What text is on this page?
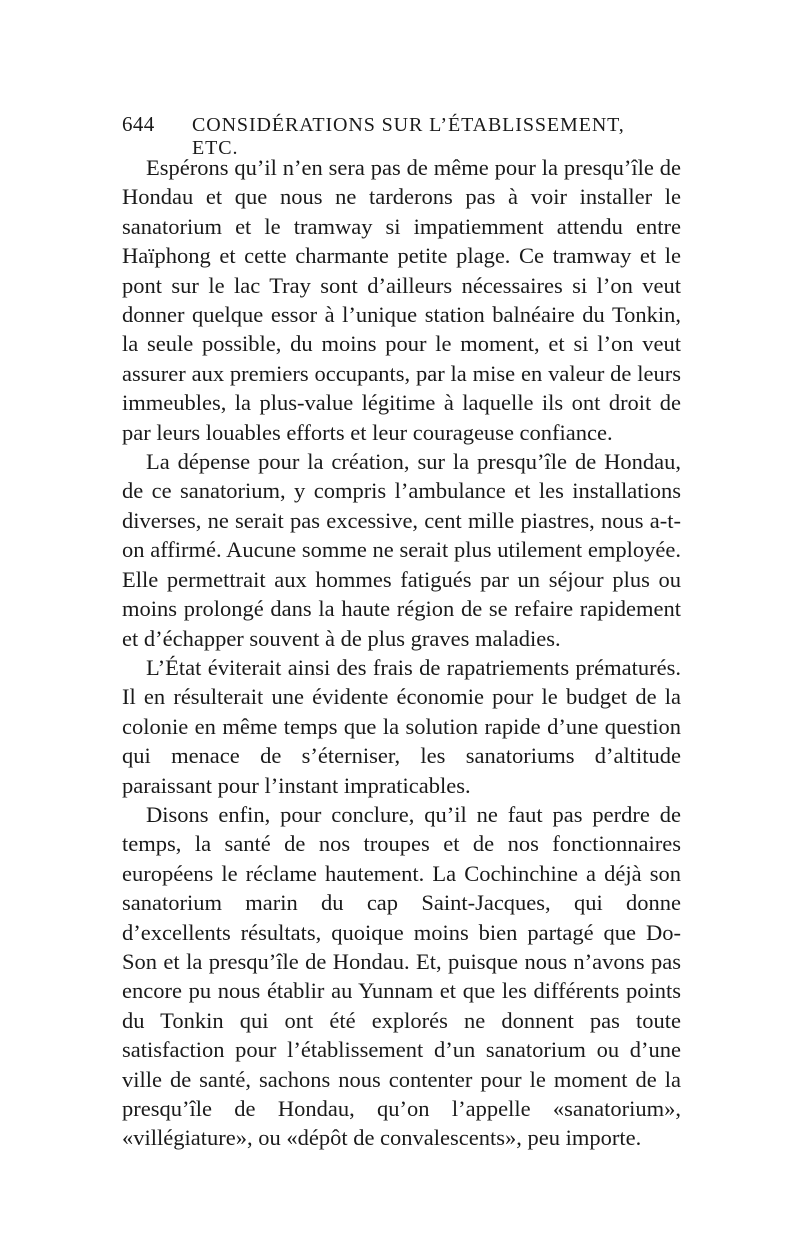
644	CONSIDÉRATIONS SUR L’ÉTABLISSEMENT, ETC.

Espérons qu’il n’en sera pas de même pour la presqu’île de Hondau et que nous ne tarderons pas à voir installer le sanatorium et le tramway si impatiemment attendu entre Haïphong et cette charmante petite plage. Ce tramway et le pont sur le lac Tray sont d’ailleurs nécessaires si l’on veut donner quelque essor à l’unique station balnéaire du Tonkin, la seule possible, du moins pour le moment, et si l’on veut assurer aux premiers occupants, par la mise en valeur de leurs immeubles, la plus-value légitime à laquelle ils ont droit de par leurs louables efforts et leur courageuse confiance.

La dépense pour la création, sur la presqu’île de Hondau, de ce sanatorium, y compris l’ambulance et les installations diverses, ne serait pas excessive, cent mille piastres, nous a-t-on affirmé. Aucune somme ne serait plus utilement employée. Elle permettrait aux hommes fatigués par un séjour plus ou moins prolongé dans la haute région de se refaire rapidement et d’échapper souvent à de plus graves maladies.

L’État éviterait ainsi des frais de rapatriements prématurés. Il en résulterait une évidente économie pour le budget de la colonie en même temps que la solution rapide d’une question qui menace de s’éterniser, les sanatoriums d’altitude paraissant pour l’instant impraticables.

Disons enfin, pour conclure, qu’il ne faut pas perdre de temps, la santé de nos troupes et de nos fonctionnaires européens le réclame hautement. La Cochinchine a déjà son sanatorium marin du cap Saint-Jacques, qui donne d’excellents résultats, quoique moins bien partagé que Do-Son et la presqu’île de Hondau. Et, puisque nous n’avons pas encore pu nous établir au Yunnam et que les différents points du Tonkin qui ont été explorés ne donnent pas toute satisfaction pour l’établissement d’un sanatorium ou d’une ville de santé, sachons nous contenter pour le moment de la presqu’île de Hondau, qu’on l’appelle «sanatorium», «villégiature», ou «dépôt de convalescents», peu importe.
